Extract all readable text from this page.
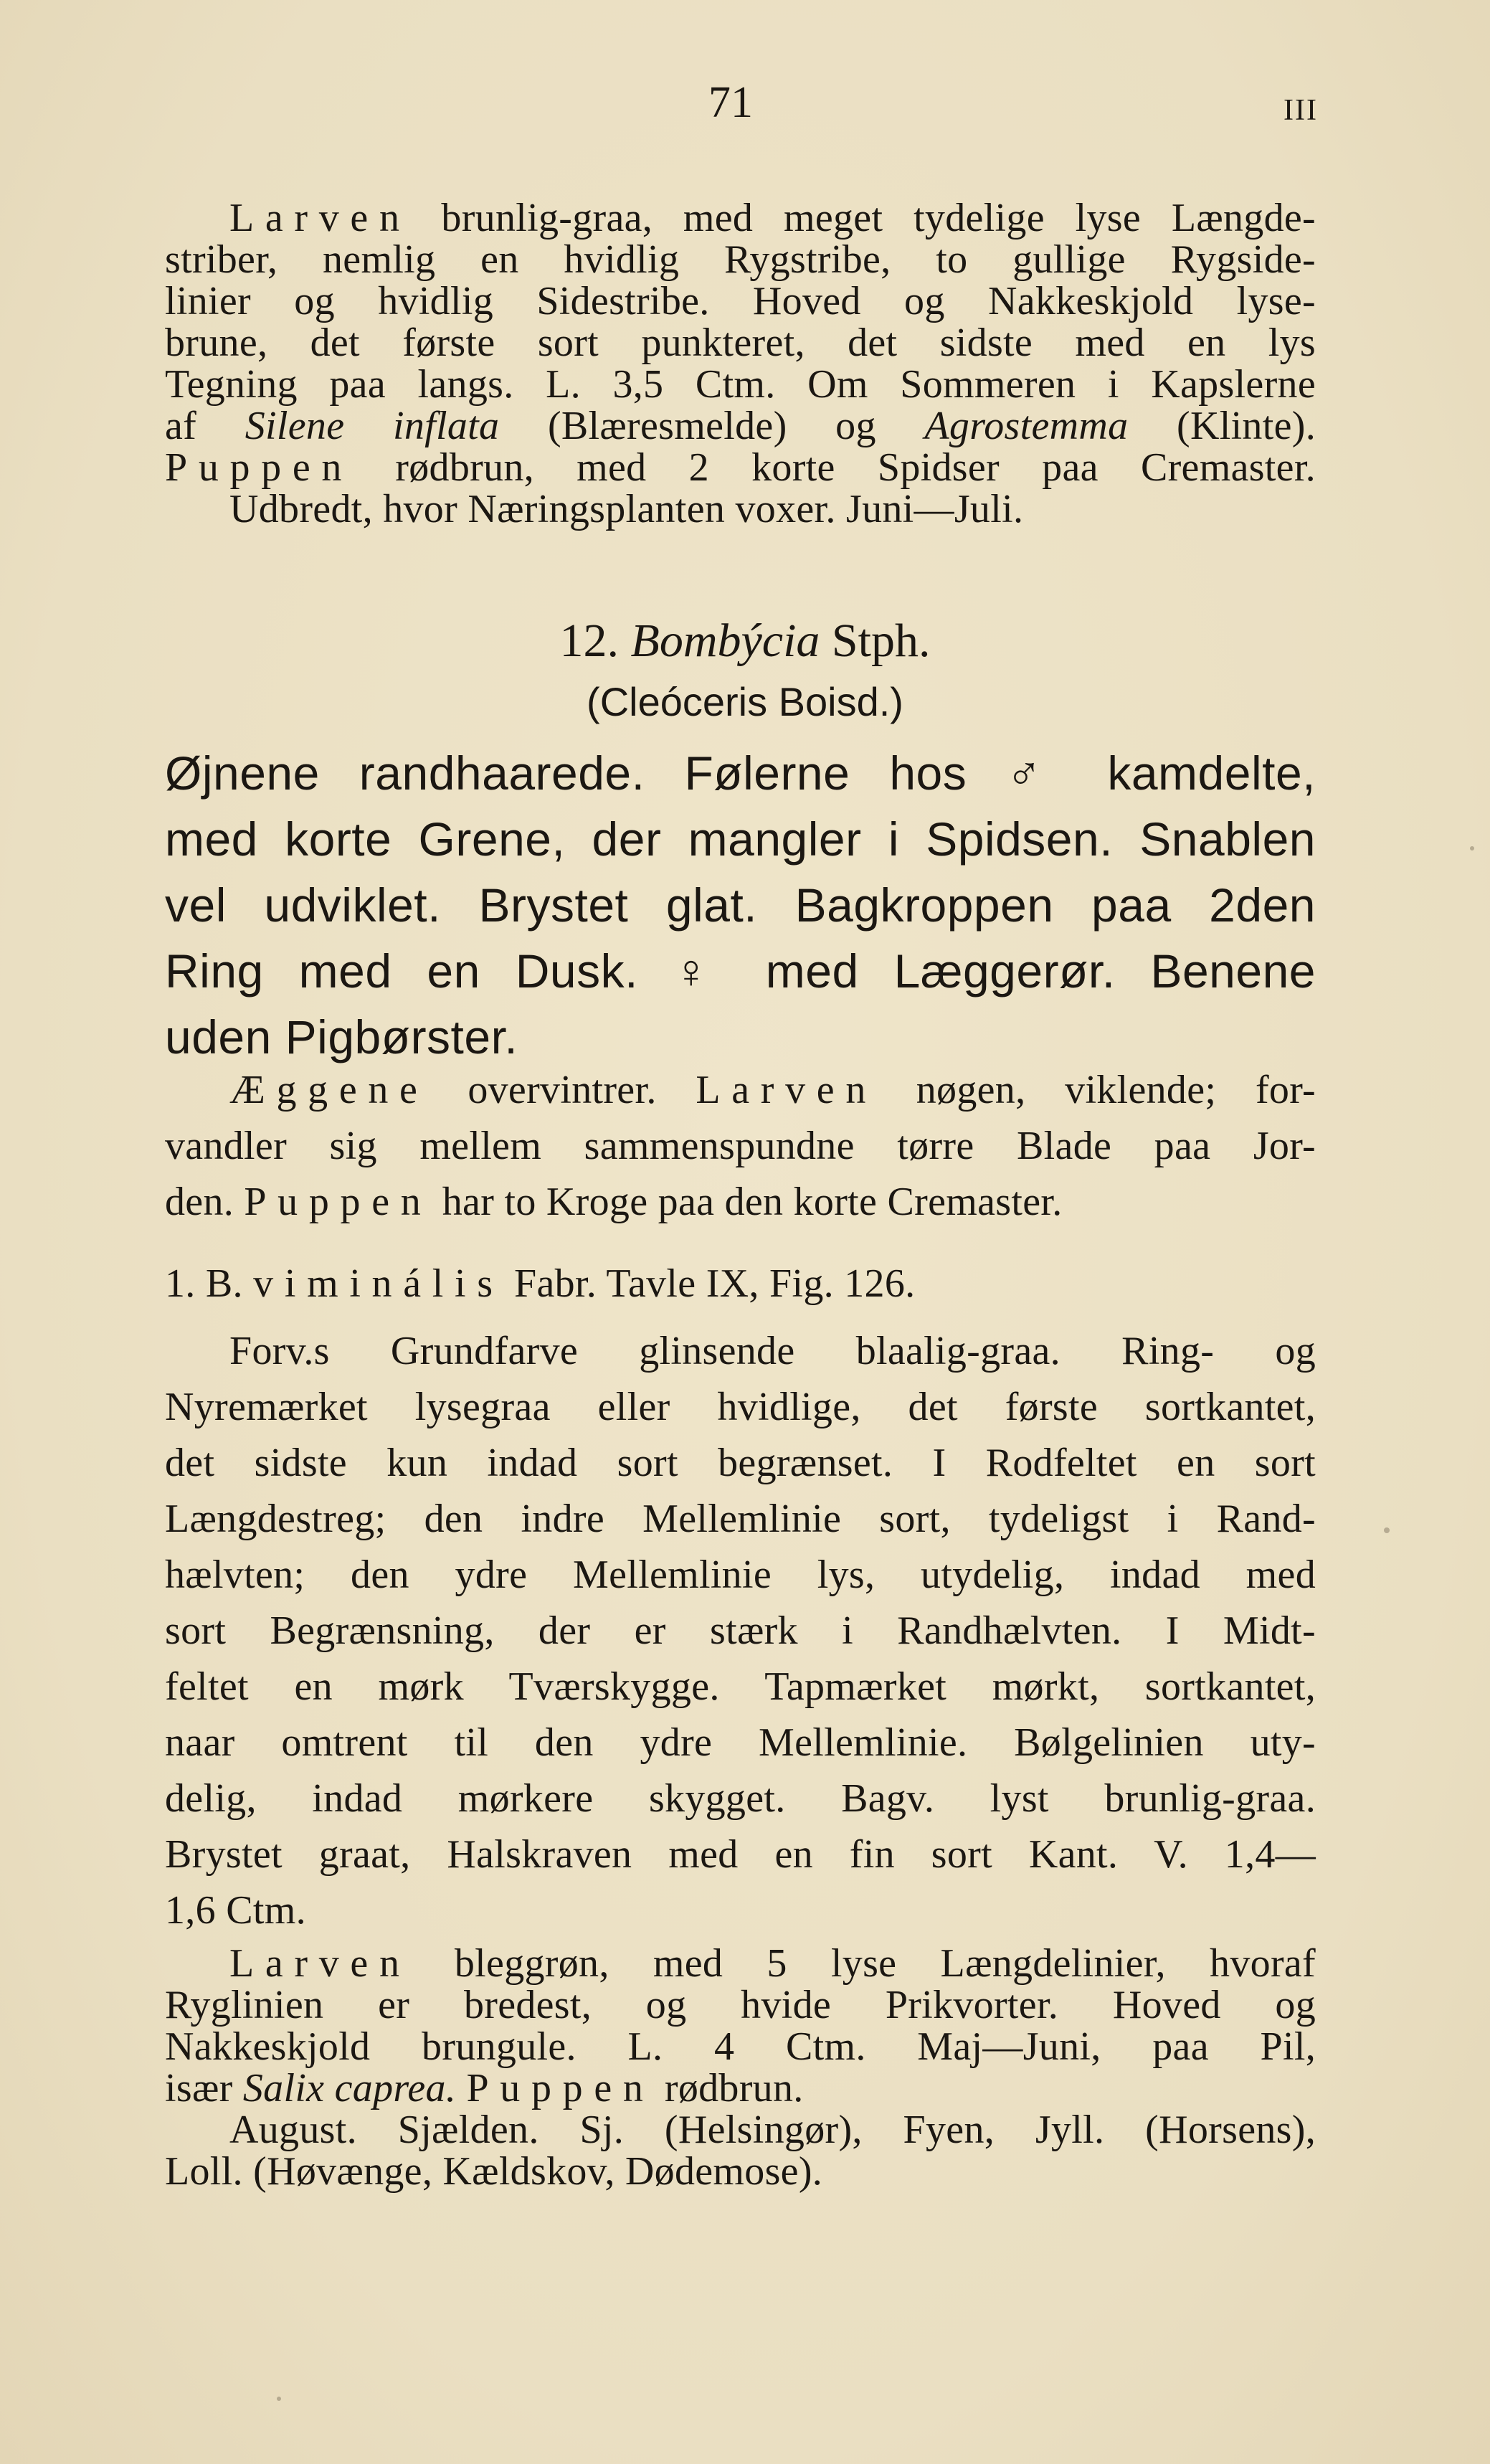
71	III

Larven brunlig-graa, med meget tydelige lyse Længde-

striber, nemlig en hvidlig Rygstribe, to gullige Rygside-

linier og hvidlig Sidestribe. Hoved og Nakkeskjold lyse-

brune, det første sort punkteret, det sidste med en lys

Tegning paa langs. L. 3,5 Ctm. Om Sommeren i Kapslerne

af Silene inflata (Blæresmelde) og Agrostemma (Klinte).

Puppen rødbrun, med 2 korte Spidser paa Cremaster.

Udbredt, hvor Næringsplanten voxer. Juni—Juli.

12. Bombýcia Stph.

(Cleóceris Boisd.)

Øjnene randhaarede. Følerne hos ♂ kamdelte,

med korte Grene, der mangler i Spidsen. Snablen

vel udviklet. Brystet glat. Bagkroppen paa 2den

Ring med en Dusk. ♀ med Læggerør. Benene

uden Pigbørster.

Æggene overvintrer. Larven nøgen, viklende; for-

vandler sig mellem sammenspundne tørre Blade paa Jor-

den. Puppen har to Kroge paa den korte Cremaster.

1. B. viminális Fabr. Tavle IX, Fig. 126.

Forv.s Grundfarve glinsende blaalig-graa. Ring- og

Nyremærket lysegraa eller hvidlige, det første sortkantet,

det sidste kun indad sort begrænset. I Rodfeltet en sort

Længdestreg; den indre Mellemlinie sort, tydeligst i Rand-

hælvten; den ydre Mellemlinie lys, utydelig, indad med

sort Begrænsning, der er stærk i Randhælvten. I Midt-

feltet en mørk Tværskygge. Tapmærket mørkt, sortkantet,

naar omtrent til den ydre Mellemlinie. Bølgelinien uty-

delig, indad mørkere skygget. Bagv. lyst brunlig-graa.

Brystet graat, Halskraven med en fin sort Kant. V. 1,4—

1,6 Ctm.

Larven bleggrøn, med 5 lyse Længdelinier, hvoraf

Ryglinien er bredest, og hvide Prikvorter. Hoved og

Nakkeskjold brungule. L. 4 Ctm. Maj—Juni, paa Pil,

især Salix caprea. Puppen rødbrun.

August. Sjælden. Sj. (Helsingør), Fyen, Jyll. (Horsens),

Loll. (Høvænge, Kældskov, Dødemose).
